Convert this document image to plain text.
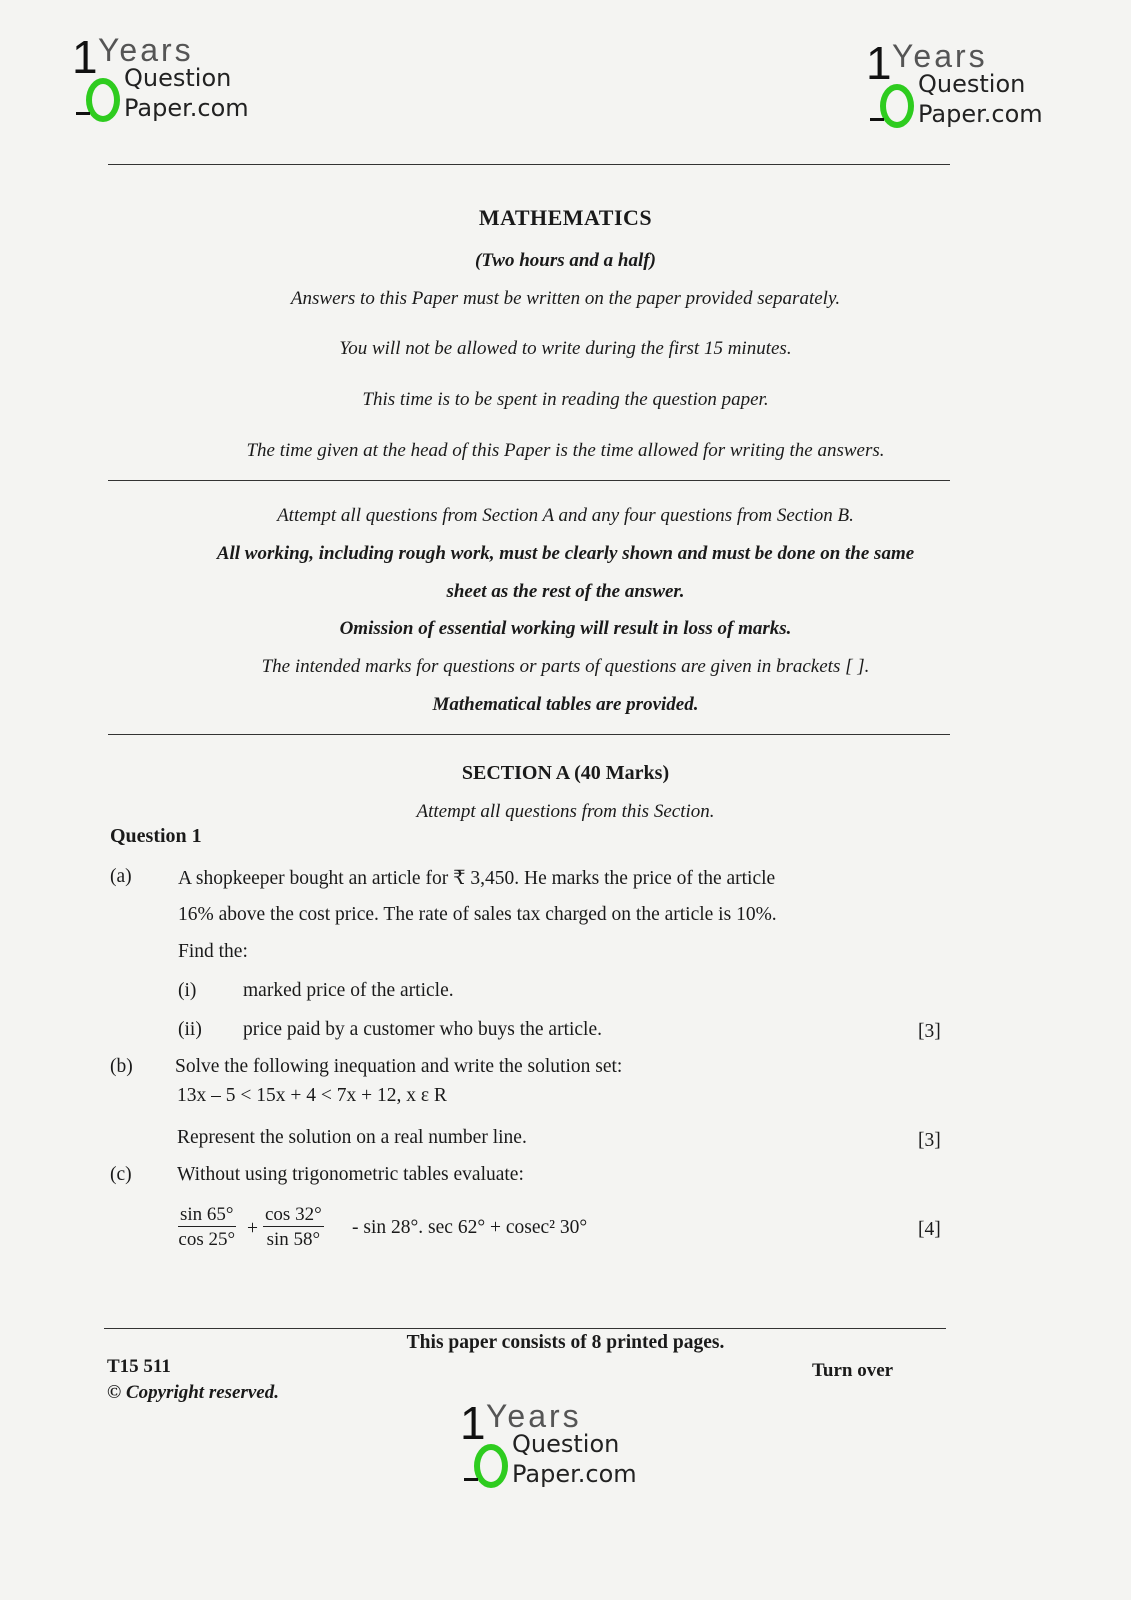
1 Years
Question
Paper.com
1 Years
Question
Paper.com
MATHEMATICS
(Two hours and a half)
Answers to this Paper must be written on the paper provided separately.
You will not be allowed to write during the first 15 minutes.
This time is to be spent in reading the question paper.
The time given at the head of this Paper is the time allowed for writing the answers.
Attempt all questions from Section A and any four questions from Section B.
All working, including rough work, must be clearly shown and must be done on the same
sheet as the rest of the answer.
Omission of essential working will result in loss of marks.
The intended marks for questions or parts of questions are given in brackets [ ].
Mathematical tables are provided.
SECTION A (40 Marks)
Attempt all questions from this Section.
Question 1
(a) A shopkeeper bought an article for ₹ 3,450. He marks the price of the article
16% above the cost price. The rate of sales tax charged on the article is 10%.
Find the:
(i) marked price of the article.
(ii) price paid by a customer who buys the article.	[3]
(b) Solve the following inequation and write the solution set:
13x – 5 < 15x + 4 < 7x + 12, x ε R
Represent the solution on a real number line.	[3]
(c) Without using trigonometric tables evaluate:
$\frac{\sin 65^\circ}{\cos 25^\circ} + \frac{\cos 32^\circ}{\sin 58^\circ} - \sin 28^\circ$. sec 62° + cosec² 30°	[4]
This paper consists of 8 printed pages.
T15 511	Turn over
© Copyright reserved.
1 Years
Question
Paper.com
